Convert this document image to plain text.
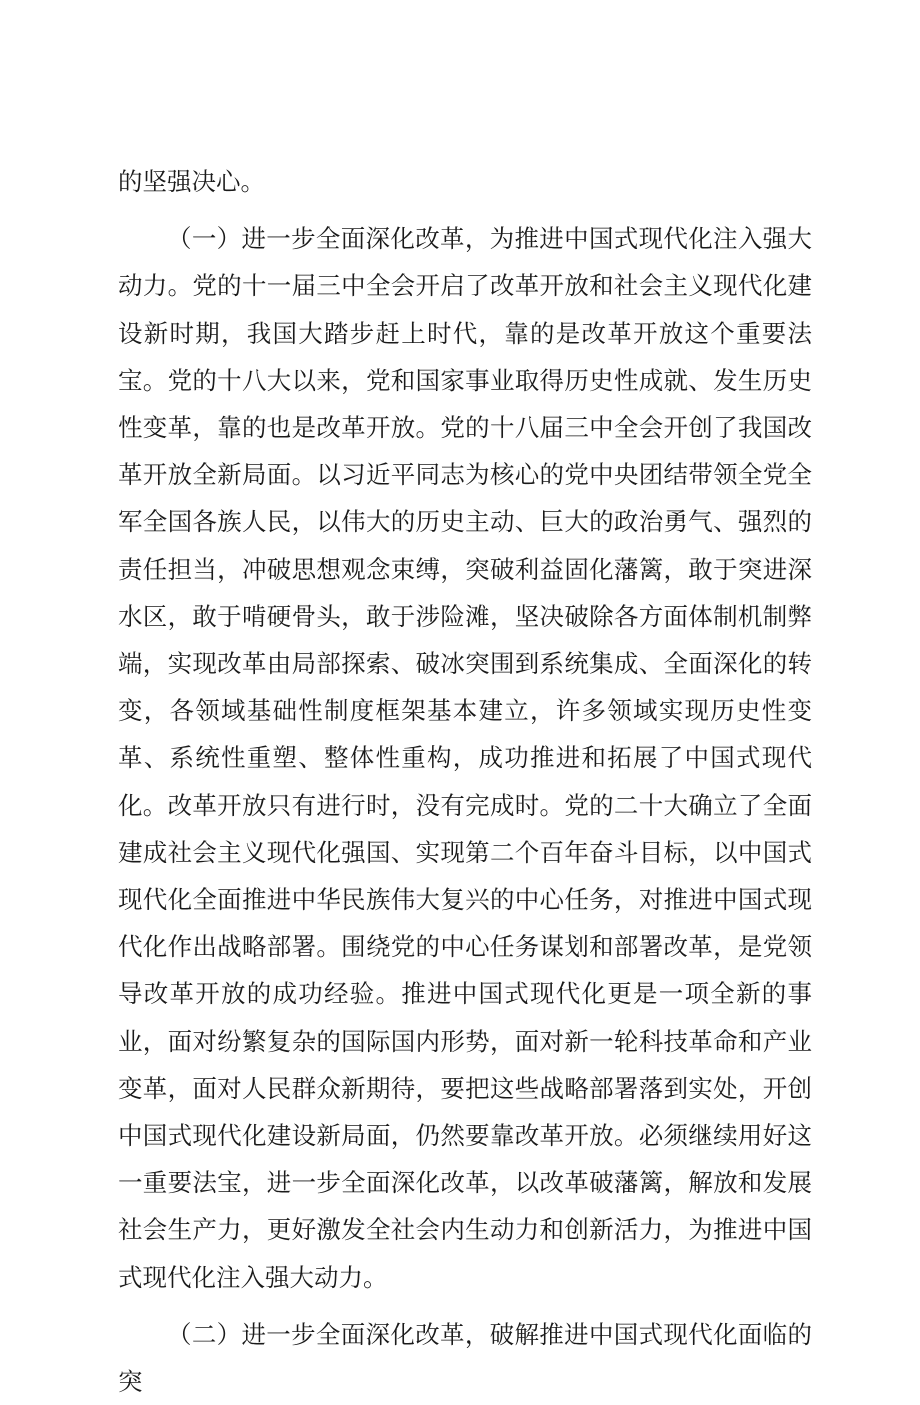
的坚强决心。

（一）进一步全面深化改革，为推进中国式现代化注入强大动力。党的十一届三中全会开启了改革开放和社会主义现代化建设新时期，我国大踏步赶上时代，靠的是改革开放这个重要法宝。党的十八大以来，党和国家事业取得历史性成就、发生历史性变革，靠的也是改革开放。党的十八届三中全会开创了我国改革开放全新局面。以习近平同志为核心的党中央团结带领全党全军全国各族人民，以伟大的历史主动、巨大的政治勇气、强烈的责任担当，冲破思想观念束缚，突破利益固化藩篱，敢于突进深水区，敢于啃硬骨头，敢于涉险滩，坚决破除各方面体制机制弊端，实现改革由局部探索、破冰突围到系统集成、全面深化的转变，各领域基础性制度框架基本建立，许多领域实现历史性变革、系统性重塑、整体性重构，成功推进和拓展了中国式现代化。改革开放只有进行时，没有完成时。党的二十大确立了全面建成社会主义现代化强国、实现第二个百年奋斗目标，以中国式现代化全面推进中华民族伟大复兴的中心任务，对推进中国式现代化作出战略部署。围绕党的中心任务谋划和部署改革，是党领导改革开放的成功经验。推进中国式现代化更是一项全新的事业，面对纷繁复杂的国际国内形势，面对新一轮科技革命和产业变革，面对人民群众新期待，要把这些战略部署落到实处，开创中国式现代化建设新局面，仍然要靠改革开放。必须继续用好这一重要法宝，进一步全面深化改革，以改革破藩篱，解放和发展社会生产力，更好激发全社会内生动力和创新活力，为推进中国式现代化注入强大动力。

（二）进一步全面深化改革，破解推进中国式现代化面临的突
